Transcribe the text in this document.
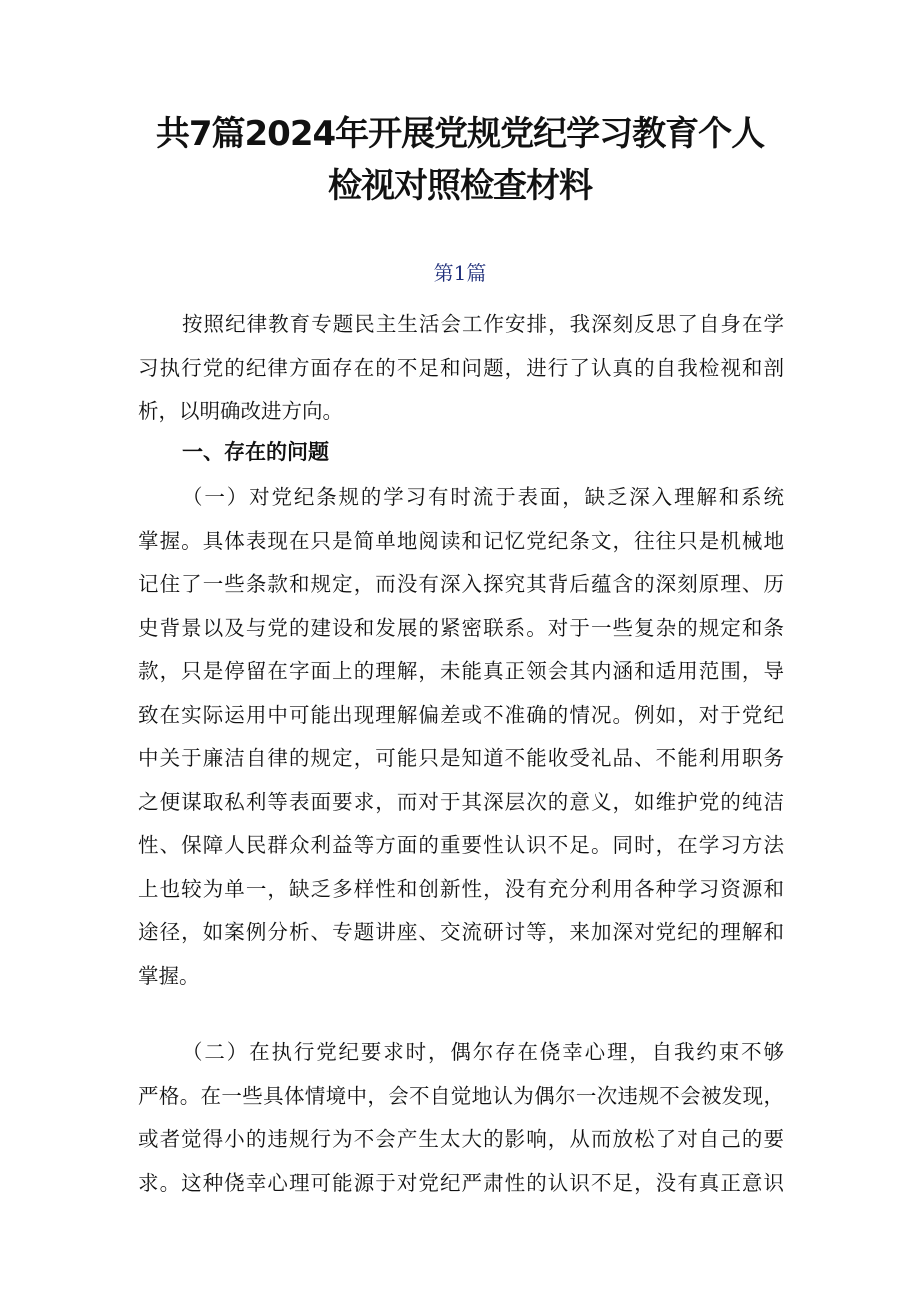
共7篇2024年开展党规党纪学习教育个人
检视对照检查材料

第1篇

按照纪律教育专题民主生活会工作安排，我深刻反思了自身在学
习执行党的纪律方面存在的不足和问题，进行了认真的自我检视和剖
析，以明确改进方向。
一、存在的问题
（一）对党纪条规的学习有时流于表面，缺乏深入理解和系统
掌握。具体表现在只是简单地阅读和记忆党纪条文，往往只是机械地
记住了一些条款和规定，而没有深入探究其背后蕴含的深刻原理、历
史背景以及与党的建设和发展的紧密联系。对于一些复杂的规定和条
款，只是停留在字面上的理解，未能真正领会其内涵和适用范围，导
致在实际运用中可能出现理解偏差或不准确的情况。例如，对于党纪
中关于廉洁自律的规定，可能只是知道不能收受礼品、不能利用职务
之便谋取私利等表面要求，而对于其深层次的意义，如维护党的纯洁
性、保障人民群众利益等方面的重要性认识不足。同时，在学习方法
上也较为单一，缺乏多样性和创新性，没有充分利用各种学习资源和
途径，如案例分析、专题讲座、交流研讨等，来加深对党纪的理解和
掌握。
（二）在执行党纪要求时，偶尔存在侥幸心理，自我约束不够
严格。在一些具体情境中，会不自觉地认为偶尔一次违规不会被发现，
或者觉得小的违规行为不会产生太大的影响，从而放松了对自己的要
求。这种侥幸心理可能源于对党纪严肃性的认识不足，没有真正意识
